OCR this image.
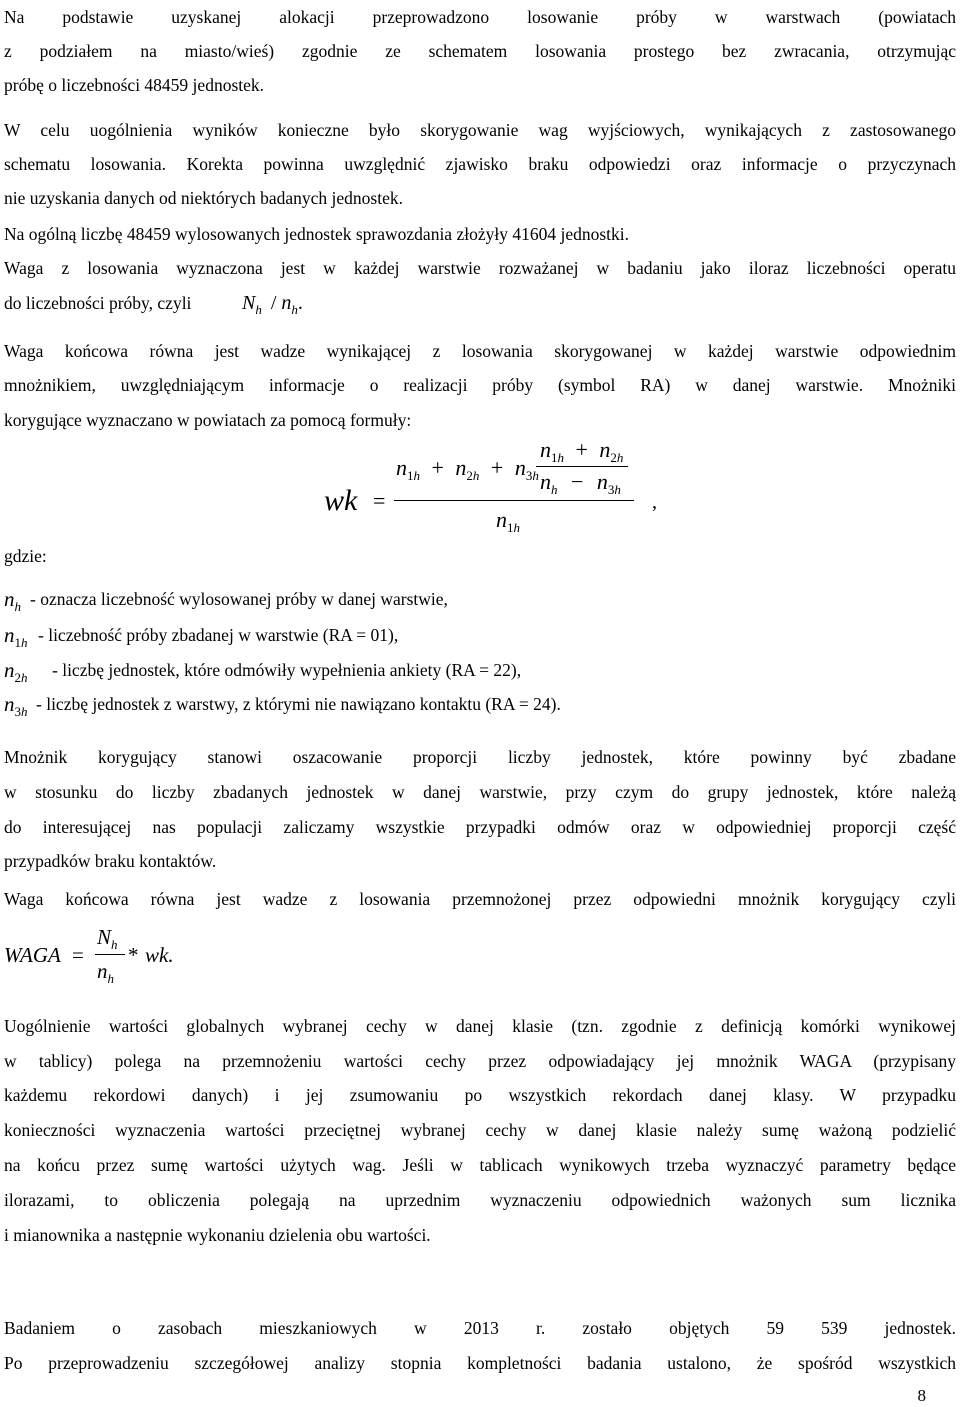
Na podstawie uzyskanej alokacji przeprowadzono losowanie próby w warstwach (powiatach
z podziałem na miasto/wieś) zgodnie ze schematem losowania prostego bez zwracania, otrzymując
próbę o liczebności 48459 jednostek.
W celu uogólnienia wyników konieczne było skorygowanie wag wyjściowych, wynikających z zastosowanego
schematu losowania. Korekta powinna uwzględnić zjawisko braku odpowiedzi oraz informacje o przyczynach
nie uzyskania danych od niektórych badanych jednostek.
Na ogólną liczbę 48459 wylosowanych jednostek sprawozdania złożyły 41604 jednostki.
Waga z losowania wyznaczona jest w każdej warstwie rozważanej w badaniu jako iloraz liczebności operatu
do liczebności próby, czyli	$N_h / n_h$.
Waga końcowa równa jest wadze wynikającej z losowania skorygowanej w każdej warstwie odpowiednim
mnożnikiem, uwzględniającym informacje o realizacji próby (symbol RA) w danej warstwie. Mnożniki
korygujące wyznaczano w powiatach za pomocą formuły:
wk =
$n_{1h} + n_{2h} + n_{3h}$
$n_{1h} + n_{2h}$
$n_h - n_{3h}$
,
$n_{1h}$
gdzie:
$n_h$ - oznacza liczebność wylosowanej próby w danej warstwie,
$n_{1h}$ - liczebność próby zbadanej w warstwie (RA = 01),
$n_{2h}$ - liczbę jednostek, które odmówiły wypełnienia ankiety (RA = 22),
$n_{3h}$ - liczbę jednostek z warstwy, z którymi nie nawiązano kontaktu (RA = 24).
Mnożnik korygujący stanowi oszacowanie proporcji liczby jednostek, które powinny być zbadane
w stosunku do liczby zbadanych jednostek w danej warstwie, przy czym do grupy jednostek, które należą
do interesującej nas populacji zaliczamy wszystkie przypadki odmów oraz w odpowiedniej proporcji część
przypadków braku kontaktów.
Waga końcowa równa jest wadze z losowania przemnożonej przez odpowiedni mnożnik korygujący czyli
WAGA =
$N_h$
$n_h$
* wk.
Uogólnienie wartości globalnych wybranej cechy w danej klasie (tzn. zgodnie z definicją komórki wynikowej
w tablicy) polega na przemnożeniu wartości cechy przez odpowiadający jej mnożnik WAGA (przypisany
każdemu rekordowi danych) i jej zsumowaniu po wszystkich rekordach danej klasy. W przypadku
konieczności wyznaczenia wartości przeciętnej wybranej cechy w danej klasie należy sumę ważoną podzielić
na końcu przez sumę wartości użytych wag. Jeśli w tablicach wynikowych trzeba wyznaczyć parametry będące
ilorazami, to obliczenia polegają na uprzednim wyznaczeniu odpowiednich ważonych sum licznika
i mianownika a następnie wykonaniu dzielenia obu wartości.
Badaniem o zasobach mieszkaniowych w 2013 r. zostało objętych 59 539 jednostek.
Po przeprowadzeniu szczegółowej analizy stopnia kompletności badania ustalono, że spośród wszystkich
8
